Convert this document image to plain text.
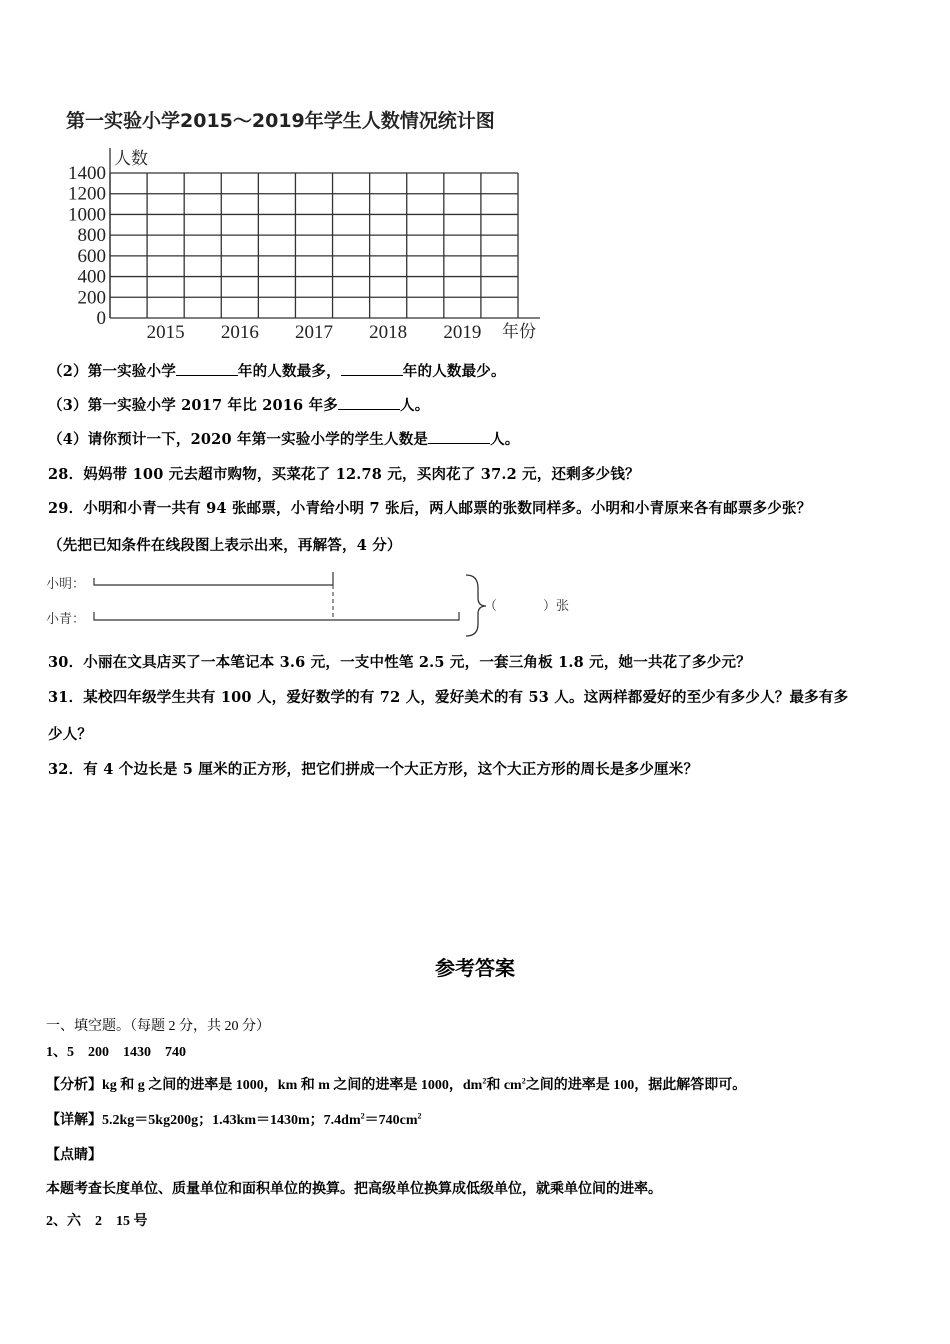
第一实验小学2015～2019年学生人数情况统计图
0
200
400
600
800
1000
1200
1400
2015 2016 2017 2018 2019
人数
年份
（2）第一实验小学	年的人数最多，	年的人数最少。
（3）第一实验小学 2017 年比 2016 年多	人。
（4）请你预计一下，2020 年第一实验小学的学生人数是	人。
28．妈妈带 100 元去超市购物，买菜花了 12.78 元，买肉花了 37.2 元，还剩多少钱？
29．小明和小青一共有 94 张邮票，小青给小明 7 张后，两人邮票的张数同样多。小明和小青原来各有邮票多少张？
（先把已知条件在线段图上表示出来，再解答，4 分）
小明：
小青：
（	）张
30．小丽在文具店买了一本笔记本 3.6 元，一支中性笔 2.5 元，一套三角板 1.8 元，她一共花了多少元？
31．某校四年级学生共有 100 人，爱好数学的有 72 人，爱好美术的有 53 人。这两样都爱好的至少有多少人？最多有多
少人？
32．有 4 个边长是 5 厘米的正方形，把它们拼成一个大正方形，这个大正方形的周长是多少厘米？
参考答案
一、填空题。（每题 2 分，共 20 分）
1、5　200　1430　740
【分析】kg 和 g 之间的进率是 1000，km 和 m 之间的进率是 1000，$dm^2$和 $cm^2$之间的进率是 100，据此解答即可。
【详解】5.2kg＝5kg200g；1.43km＝1430m；$7.4dm^2=740cm^2$
【点睛】
本题考查长度单位、质量单位和面积单位的换算。把高级单位换算成低级单位，就乘单位间的进率。
2、六　2　15 号
